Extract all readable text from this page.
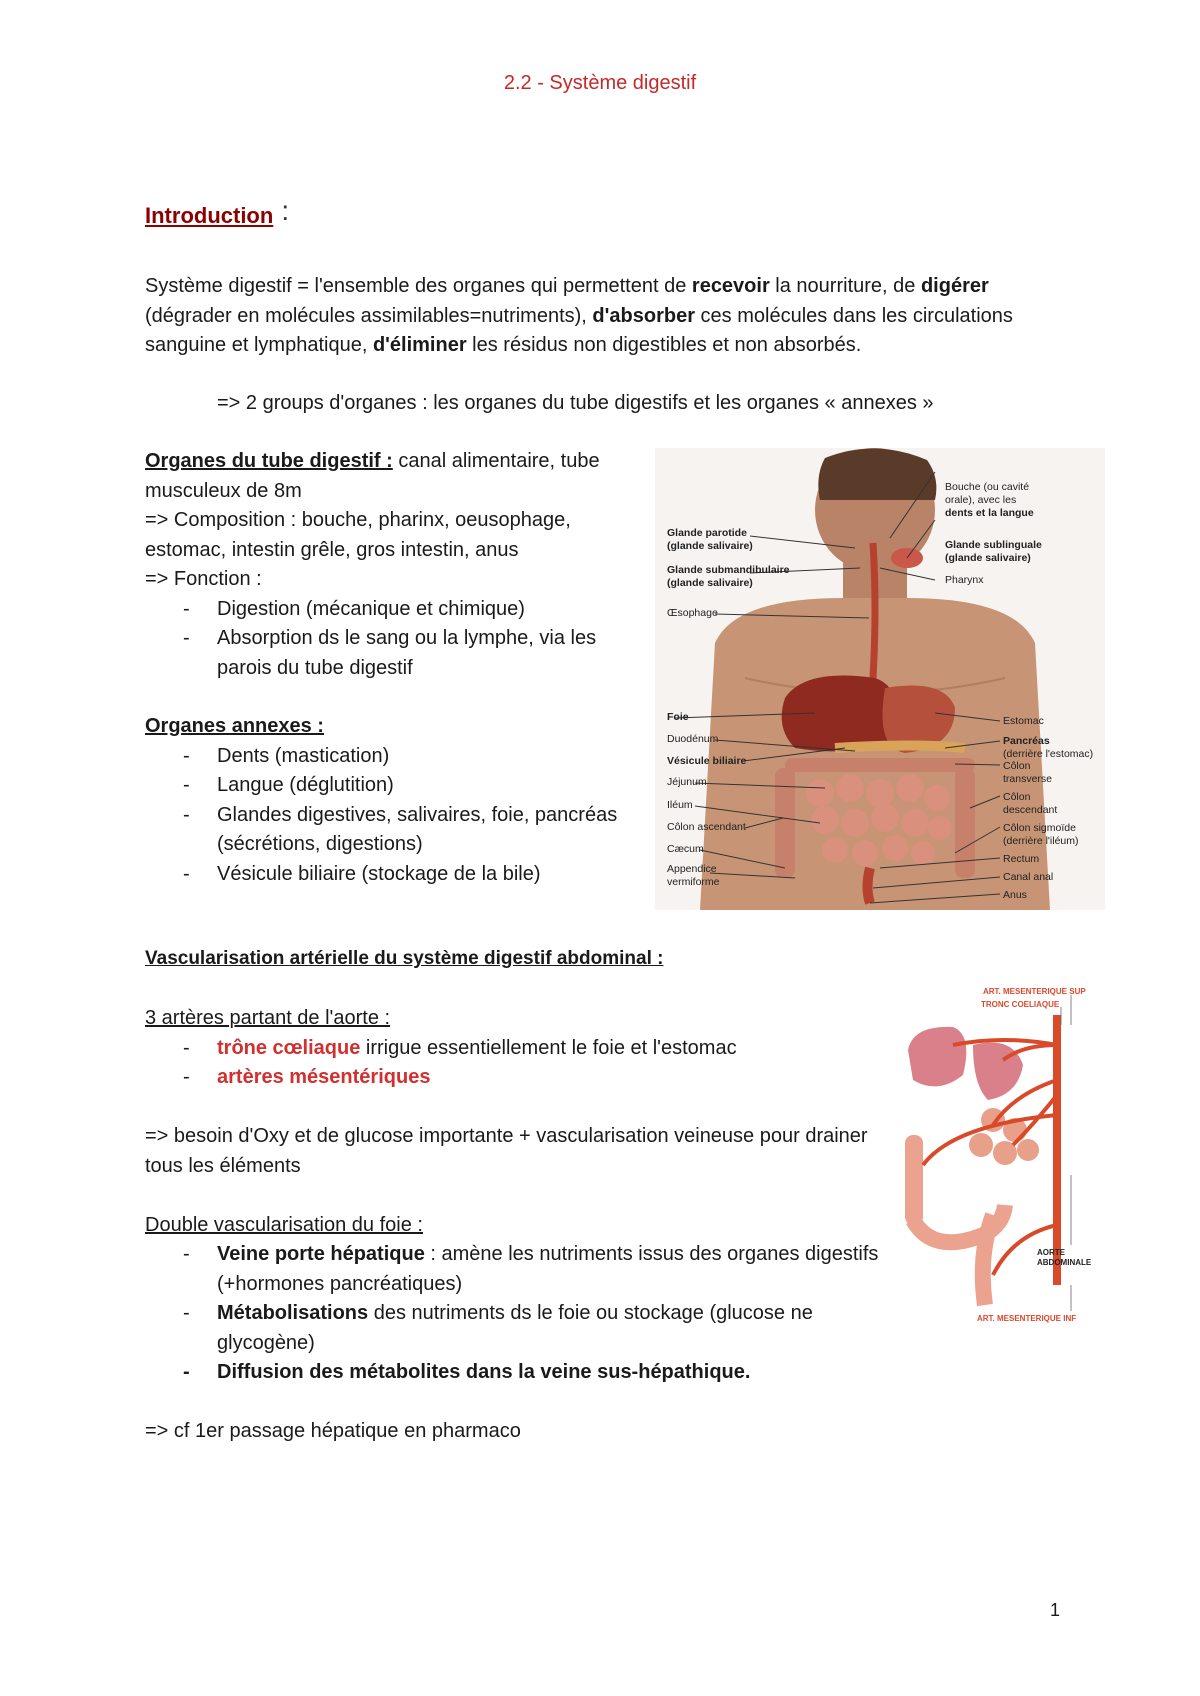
2.2 - Système digestif
Introduction :
Système digestif = l'ensemble des organes qui permettent de recevoir la nourriture, de digérer (dégrader en molécules assimilables=nutriments), d'absorber ces molécules dans les circulations sanguine et lymphatique, d'éliminer les résidus non digestibles et non absorbés.
=> 2 groups d'organes : les organes du tube digestifs et les organes « annexes »
Organes du tube digestif : canal alimentaire, tube musculeux de 8m
=> Composition : bouche, pharinx, oeusophage, estomac, intestin grêle, gros intestin, anus
=> Fonction :
-	Digestion (mécanique et chimique)
-	Absorption ds le sang ou la lymphe, via les parois du tube digestif
Organes annexes :
-	Dents (mastication)
-	Langue (déglutition)
-	Glandes digestives, salivaires, foie, pancréas (sécrétions, digestions)
-	Vésicule biliaire (stockage de la bile)
Bouche (ou cavité
orale), avec les
dents et la langue
Glande parotide
(glande salivaire)
Glande submandibulaire
(glande salivaire)
Glande sublinguale
(glande salivaire)
Pharynx
Œsophage
Foie
Duodénum
Vésicule biliaire
Jéjunum
Iléum
Côlon ascendant
Cæcum
Appendice
vermiforme
Estomac
Pancréas
(derrière l'estomac)
Côlon
transverse
Côlon
descendant
Côlon sigmoïde
(derrière l'iléum)
Rectum
Canal anal
Anus
Vascularisation artérielle du système digestif abdominal :
3 artères partant de l'aorte :
-	trône cœliaque irrigue essentiellement le foie et l'estomac
-	artères mésentériques
=> besoin d'Oxy et de glucose importante + vascularisation veineuse pour drainer tous les éléments
Double vascularisation du foie :
-	Veine porte hépatique : amène les nutriments issus des organes digestifs (+hormones pancréatiques)
-	Métabolisations des nutriments ds le foie ou stockage (glucose ne glycogène)
-	Diffusion des métabolites dans la veine sus-hépathique.
=> cf 1er passage hépatique en pharmaco
ART. MESENTERIQUE SUP
TRONC COELIAQUE
AORTE
ABDOMINALE
ART. MESENTERIQUE INF
1
